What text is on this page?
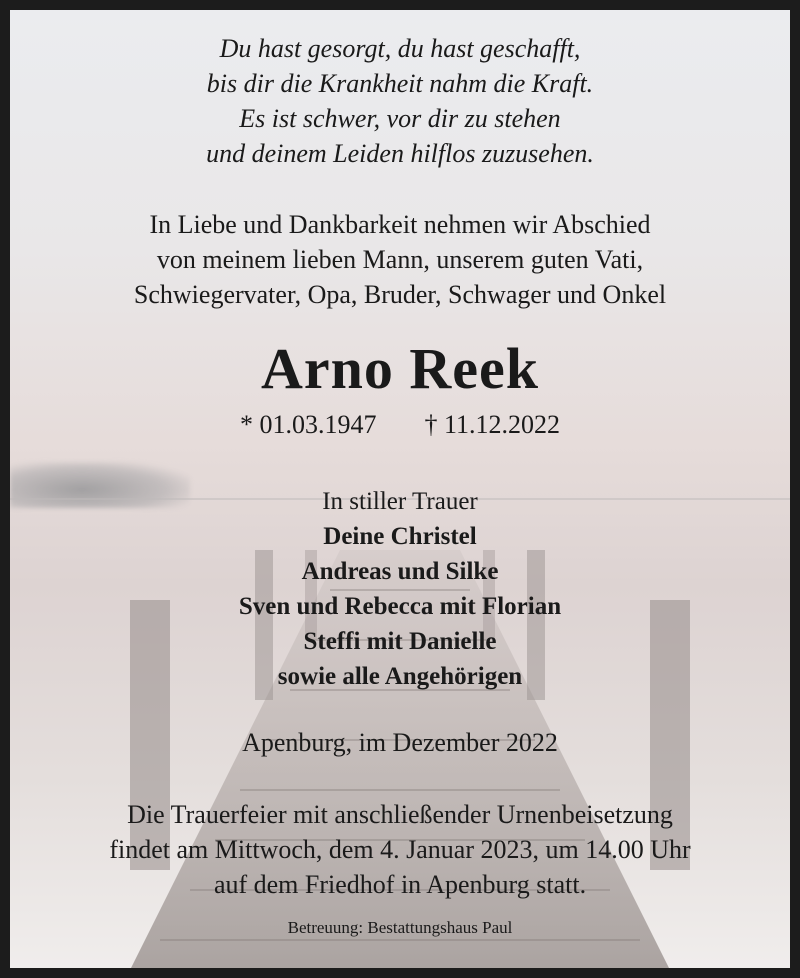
Du hast gesorgt, du hast geschafft,
bis dir die Krankheit nahm die Kraft.
Es ist schwer, vor dir zu stehen
und deinem Leiden hilflos zuzusehen.
In Liebe und Dankbarkeit nehmen wir Abschied
von meinem lieben Mann, unserem guten Vati,
Schwiegervater, Opa, Bruder, Schwager und Onkel
Arno Reek
* 01.03.1947 † 11.12.2022
In stiller Trauer
Deine Christel
Andreas und Silke
Sven und Rebecca mit Florian
Steffi mit Danielle
sowie alle Angehörigen
Apenburg, im Dezember 2022
Die Trauerfeier mit anschließender Urnenbeisetzung
findet am Mittwoch, dem 4. Januar 2023, um 14.00 Uhr
auf dem Friedhof in Apenburg statt.
Betreuung: Bestattungshaus Paul
